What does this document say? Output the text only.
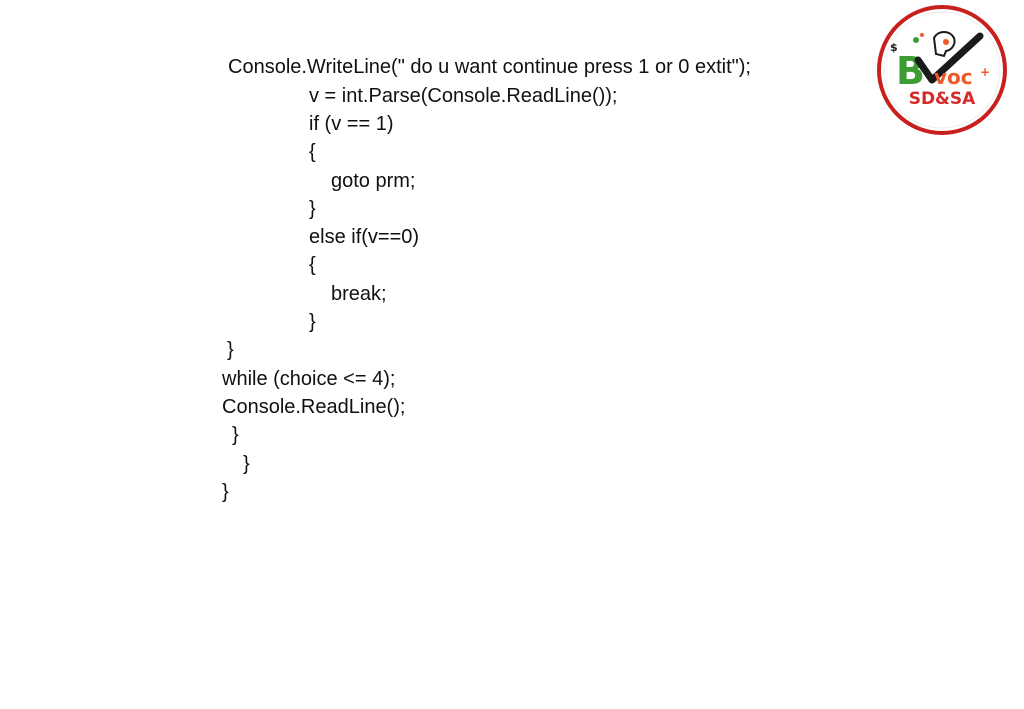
Console.WriteLine(" do u want continue press 1 or 0 extit");
v = int.Parse(Console.ReadLine());
if (v == 1)
{
goto prm;
}
else if(v==0)
{
break;
}
}
while (choice <= 4);
Console.ReadLine();
}
}
}
$
B voc +
SD&SA
